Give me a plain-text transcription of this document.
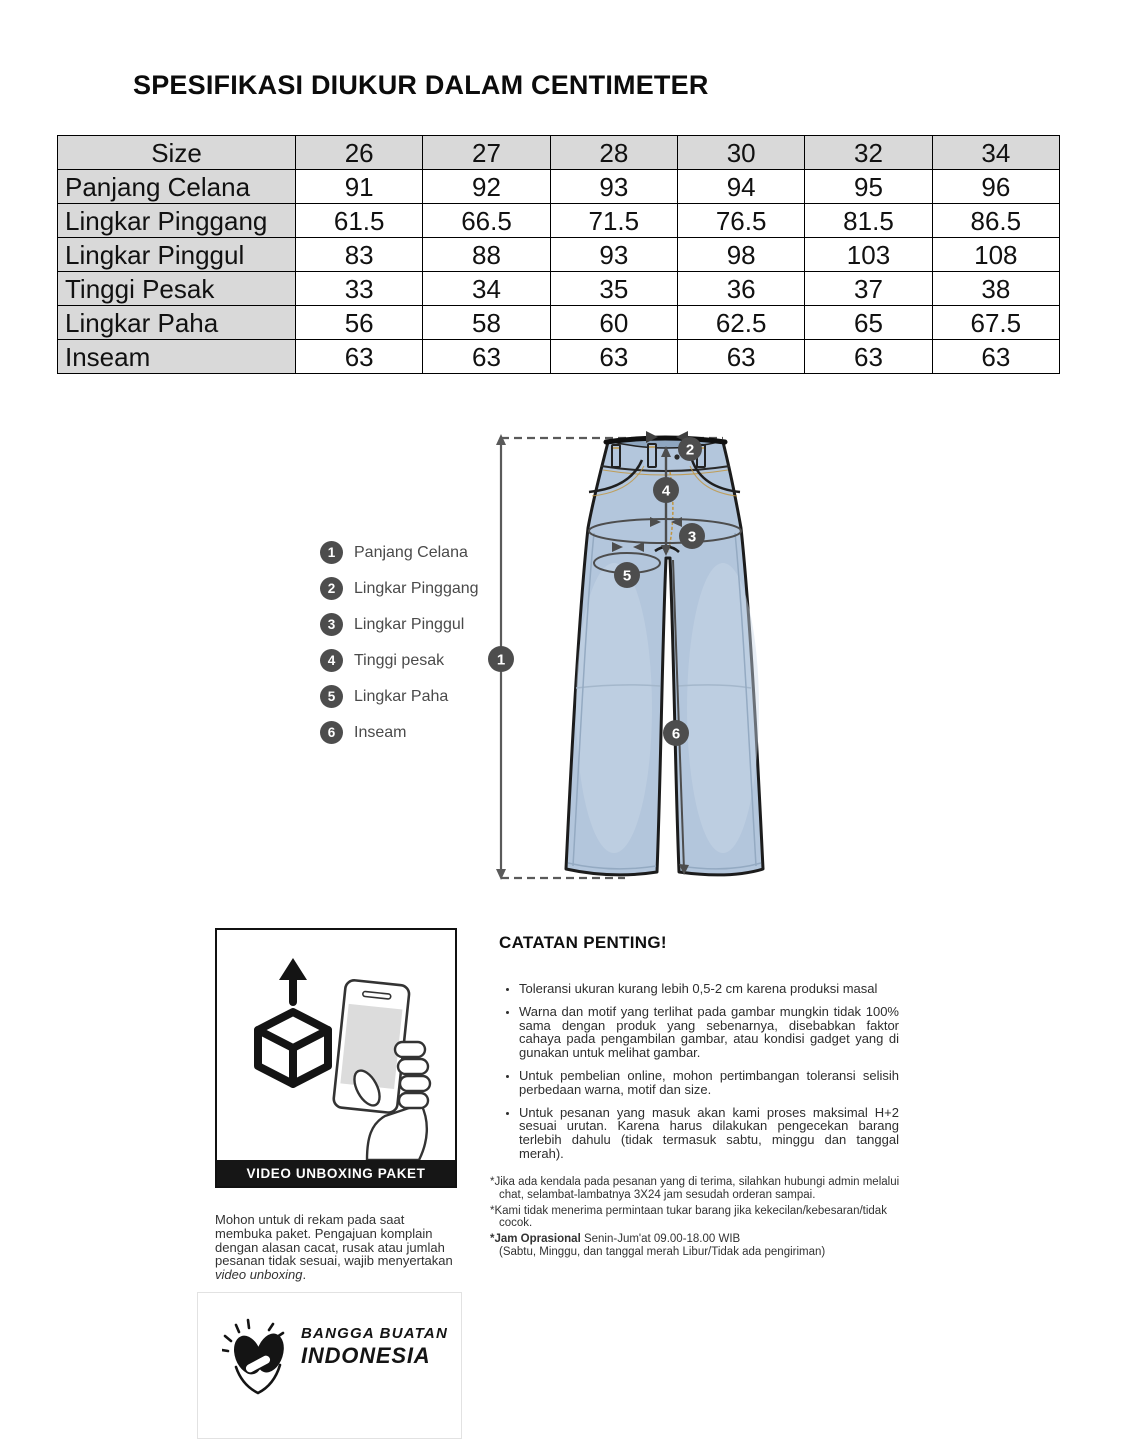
SPESIFIKASI DIUKUR DALAM CENTIMETER
Size	26	27	28	30	32	34
Panjang Celana	91	92	93	94	95	96
Lingkar Pinggang	61.5	66.5	71.5	76.5	81.5	86.5
Lingkar Pinggul	83	88	93	98	103	108
Tinggi Pesak	33	34	35	36	37	38
Lingkar Paha	56	58	60	62.5	65	67.5
Inseam	63	63	63	63	63	63
1	Panjang Celana
2	Lingkar Pinggang
3	Lingkar Pinggul
4	Tinggi pesak
5	Lingkar Paha
6	Inseam
1
2
3
4
5
6
VIDEO UNBOXING PAKET
Mohon untuk di rekam pada saat membuka paket. Pengajuan komplain dengan alasan cacat, rusak atau jumlah pesanan tidak sesuai, wajib menyertakan video unboxing.
CATATAN PENTING!
• Toleransi ukuran kurang lebih 0,5-2 cm karena produksi masal
• Warna dan motif yang terlihat pada gambar mungkin tidak 100% sama dengan produk yang sebenarnya, disebabkan faktor cahaya pada pengambilan gambar, atau kondisi gadget yang di gunakan untuk melihat gambar.
• Untuk pembelian online, mohon pertimbangan toleransi selisih perbedaan warna, motif dan size.
• Untuk pesanan yang masuk akan kami proses maksimal H+2 sesuai urutan. Karena harus dilakukan pengecekan barang terlebih dahulu (tidak termasuk sabtu, minggu dan tanggal merah).

*Jika ada kendala pada pesanan yang di terima, silahkan hubungi admin melalui chat, selambat-lambatnya 3X24 jam sesudah orderan sampai.

*Kami tidak menerima permintaan tukar barang jika kekecilan/kebesaran/tidak cocok.

*Jam Oprasional Senin-Jum'at 09.00-18.00 WIB
(Sabtu, Minggu, dan tanggal merah Libur/Tidak ada pengiriman)

BANGGA BUATAN
INDONESIA
